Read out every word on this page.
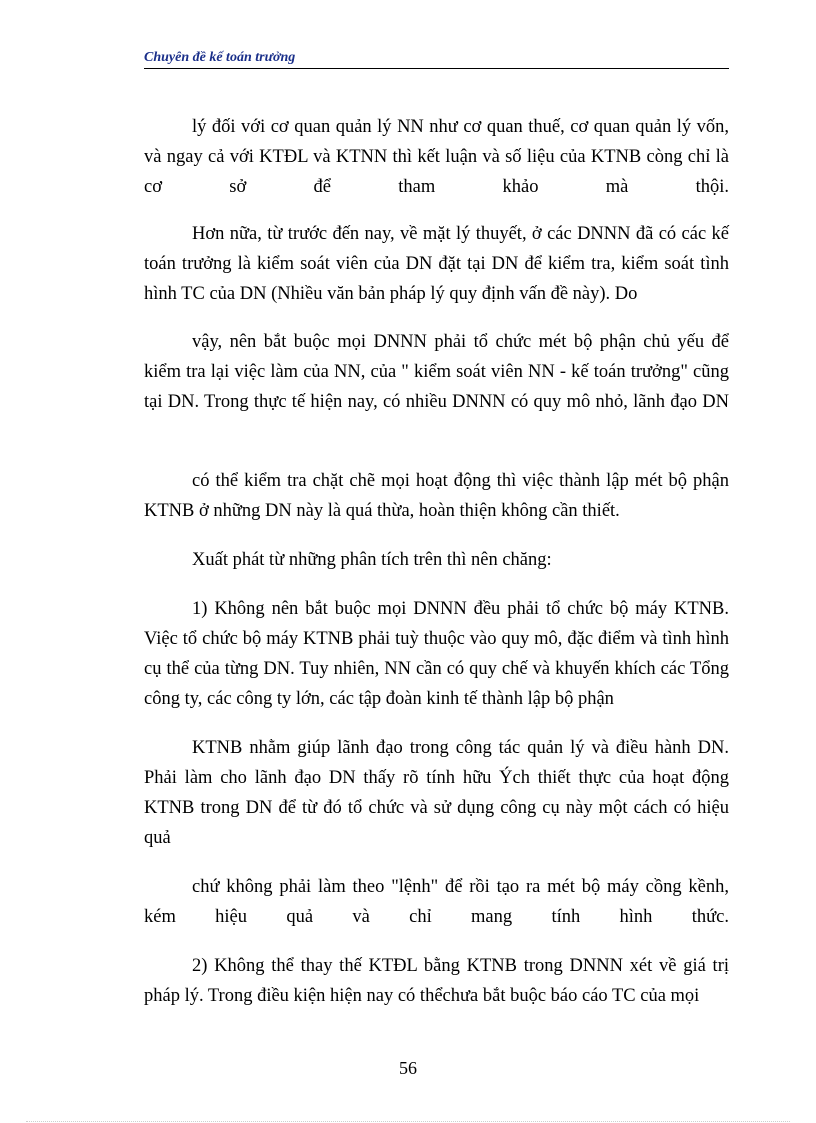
Chuyên đề kế toán trưởng

lý đối với cơ quan quản lý NN như cơ quan thuế, cơ quan quản lý vốn, và ngay cả với KTĐL và KTNN thì kết luận và số liệu của KTNB còng chỉ là cơ sở để tham khảo mà thội.

Hơn nữa, từ trước đến nay, về mặt lý thuyết, ở các DNNN đã có các kế toán trưởng là kiểm soát viên của DN đặt tại DN để kiểm tra, kiểm soát tình hình TC của DN (Nhiều văn bản pháp lý quy định vấn đề này). Do

vậy, nên bắt buộc mọi DNNN phải tổ chức mét bộ phận chủ yếu để kiểm tra lại việc làm của NN, của " kiểm soát viên NN - kế toán trưởng" cũng tại DN. Trong thực tế hiện nay, có nhiều DNNN có quy mô nhỏ, lãnh đạo DN

có thể kiểm tra chặt chẽ mọi hoạt động thì việc thành lập mét bộ phận KTNB ở những DN này là quá thừa, hoàn thiện không cần thiết.

Xuất phát từ những phân tích trên thì nên chăng:

1) Không nên bắt buộc mọi DNNN đều phải tổ chức bộ máy KTNB. Việc tổ chức bộ máy KTNB phải tuỳ thuộc vào quy mô, đặc điểm và tình hình cụ thể của từng DN. Tuy nhiên, NN cần có quy chế và khuyến khích các Tổng công ty, các công ty lớn, các tập đoàn kinh tế thành lập bộ phận

KTNB nhằm giúp lãnh đạo trong công tác quản lý và điều hành DN. Phải làm cho lãnh đạo DN thấy rõ tính hữu Ých thiết thực của hoạt động KTNB trong DN để từ đó tổ chức và sử dụng công cụ này một cách có hiệu quả

chứ không phải làm theo "lệnh" để rồi tạo ra mét bộ máy cồng kềnh, kém hiệu quả và chỉ mang tính hình thức.

2) Không thể thay thế KTĐL bằng KTNB trong DNNN xét về giá trị pháp lý. Trong điều kiện hiện nay có thểchưa bắt buộc báo cáo TC của mọi

56
